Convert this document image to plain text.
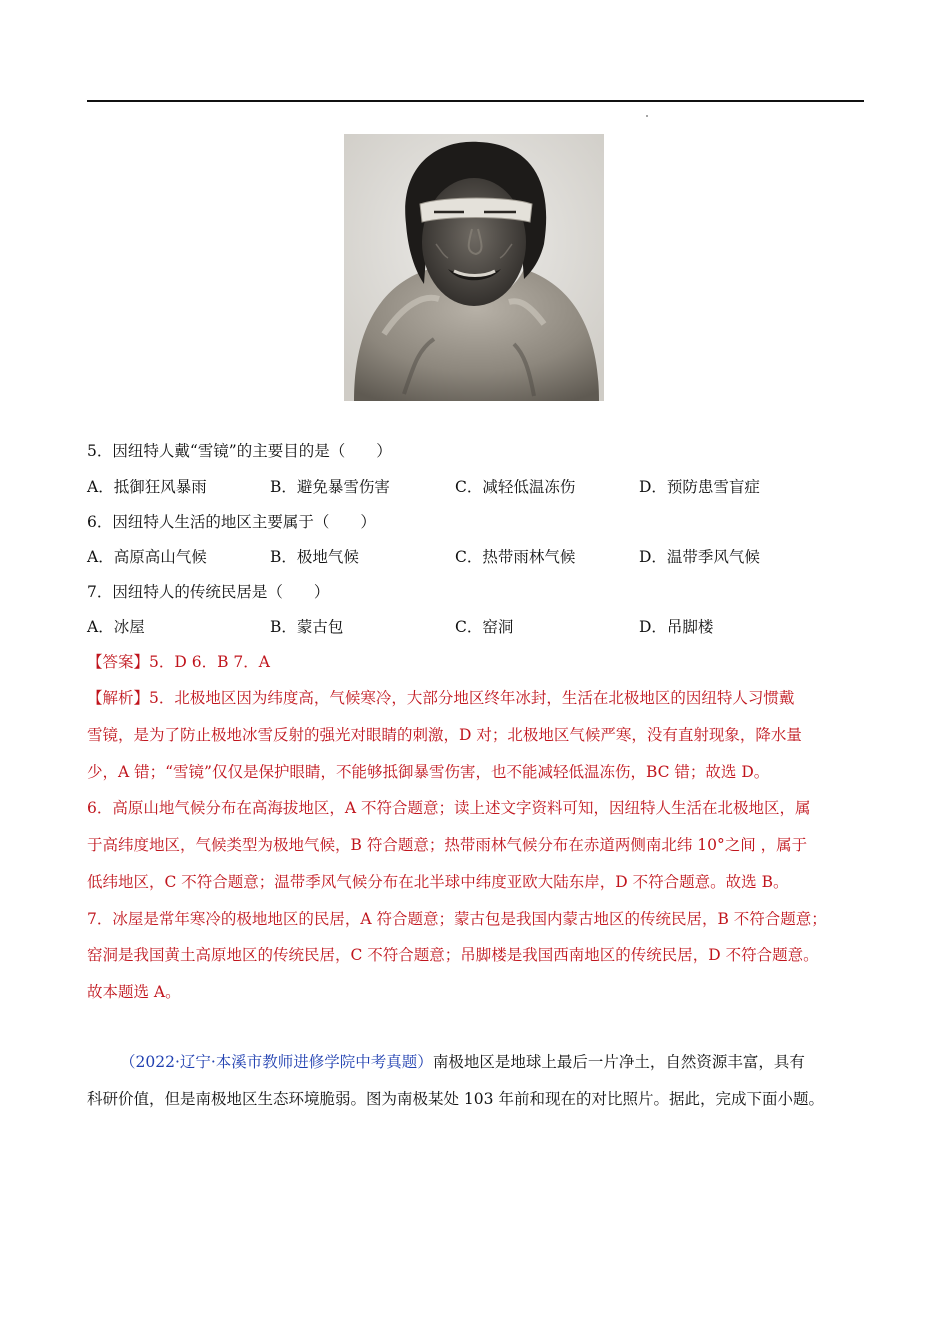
5．因纽特人戴“雪镜”的主要目的是（　　）
A．抵御狂风暴雨	B．避免暴雪伤害	C．减轻低温冻伤	D．预防患雪盲症
6．因纽特人生活的地区主要属于（　　）
A．高原高山气候	B．极地气候	C．热带雨林气候	D．温带季风气候
7．因纽特人的传统民居是（　　）
A．冰屋	B．蒙古包	C．窑洞	D．吊脚楼
【答案】5．D 6．B 7．A
【解析】5．北极地区因为纬度高，气候寒冷，大部分地区终年冰封，生活在北极地区的因纽特人习惯戴
雪镜，是为了防止极地冰雪反射的强光对眼睛的刺激，D 对；北极地区气候严寒，没有直射现象，降水量
少，A 错；“雪镜”仅仅是保护眼睛，不能够抵御暴雪伤害，也不能减轻低温冻伤，BC 错；故选 D。
6．高原山地气候分布在高海拔地区，A 不符合题意；读上述文字资料可知，因纽特人生活在北极地区，属
于高纬度地区，气候类型为极地气候，B 符合题意；热带雨林气候分布在赤道两侧南北纬 10°之间 ，属于
低纬地区，C 不符合题意；温带季风气候分布在北半球中纬度亚欧大陆东岸，D 不符合题意。故选 B。
7．冰屋是常年寒冷的极地地区的民居，A 符合题意；蒙古包是我国内蒙古地区的传统民居，B 不符合题意；
窑洞是我国黄土高原地区的传统民居，C 不符合题意；吊脚楼是我国西南地区的传统民居，D 不符合题意。
故本题选 A。
（2022·辽宁·本溪市教师进修学院中考真题）南极地区是地球上最后一片净土，自然资源丰富，具有
科研价值，但是南极地区生态环境脆弱。图为南极某处 103 年前和现在的对比照片。据此，完成下面小题。
